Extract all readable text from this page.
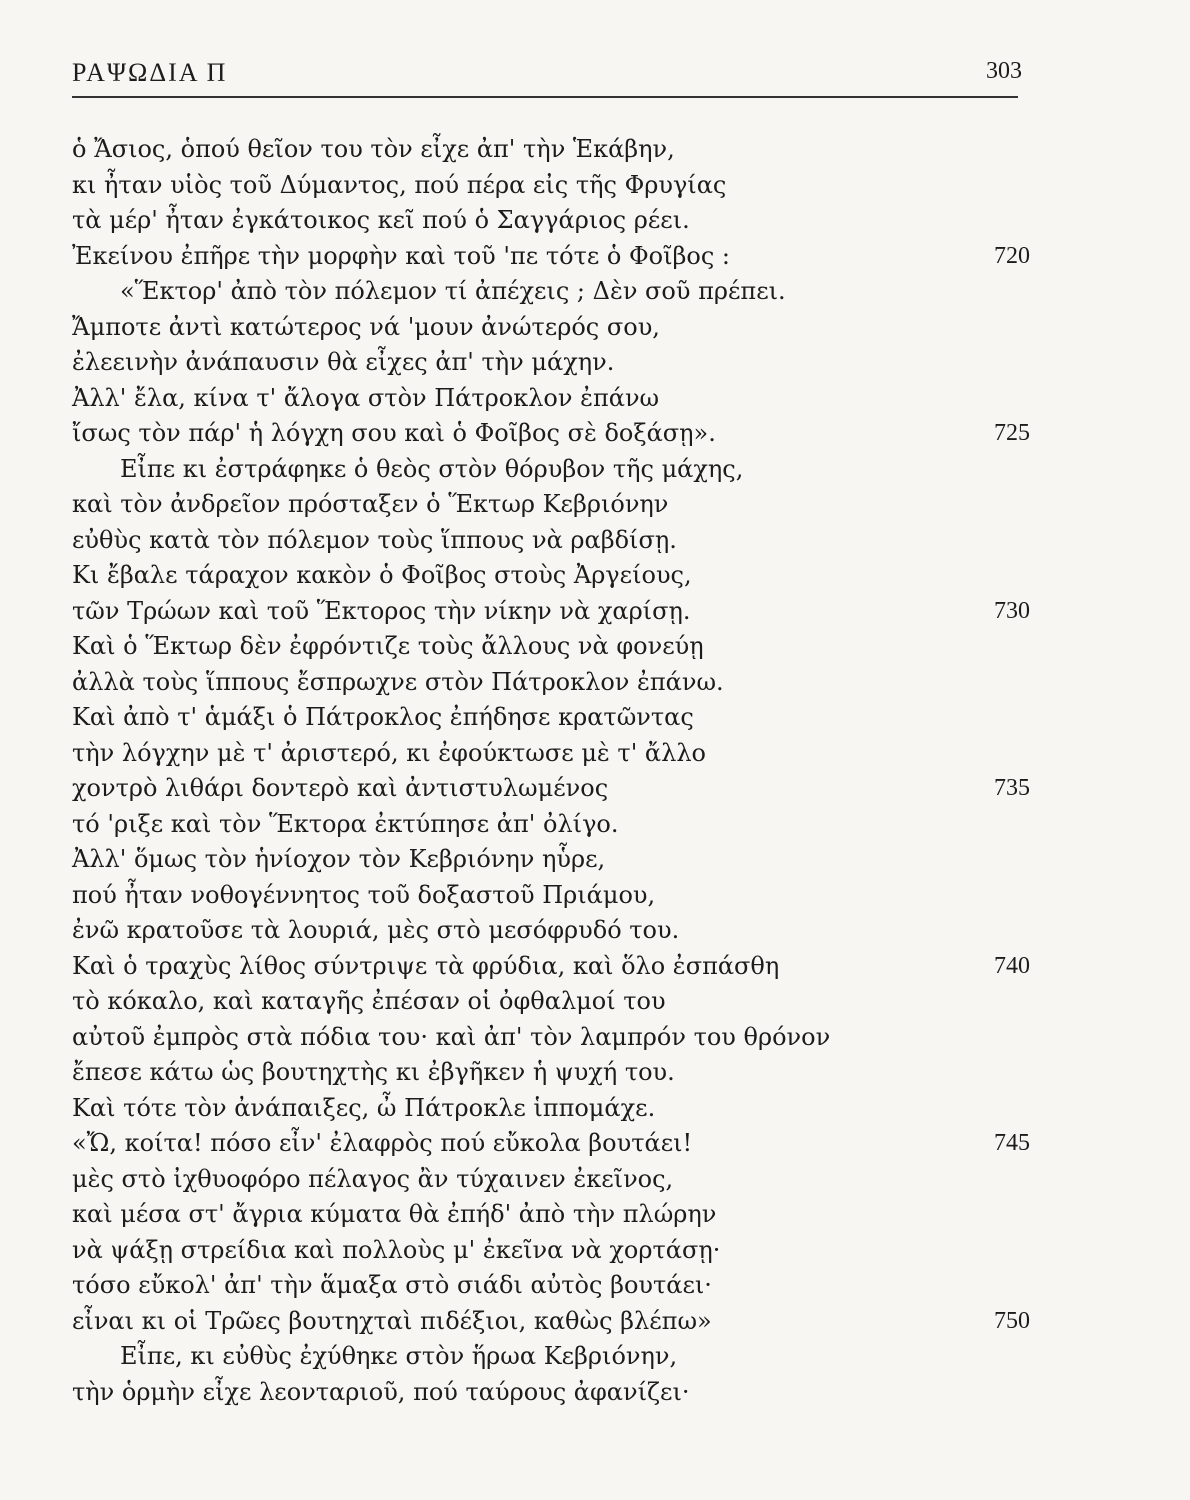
ΡΑΨΩΔΙΑ Π	303
ὁ Ἄσιος, ὁπού θεῖον του τὸν εἶχε ἀπ' τὴν Ἑκάβην,
κι ἦταν υἱὸς τοῦ Δύμαντος, πού πέρα εἰς τῆς Φρυγίας
τὰ μέρ' ἦταν ἐγκάτοικος κεῖ πού ὁ Σαγγάριος ρέει.
Ἐκείνου ἐπῆρε τὴν μορφὴν καὶ τοῦ 'πε τότε ὁ Φοῖβος :	720
«Ἕκτορ' ἀπὸ τὸν πόλεμον τί ἀπέχεις ; Δὲν σοῦ πρέπει.
Ἄμποτε ἀντὶ κατώτερος νά 'μουν ἀνώτερός σου,
ἐλεεινὴν ἀνάπαυσιν θὰ εἶχες ἀπ' τὴν μάχην.
Ἀλλ' ἔλα, κίνα τ' ἄλογα στὸν Πάτροκλον ἐπάνω
ἴσως τὸν πάρ' ἡ λόγχη σου καὶ ὁ Φοῖβος σὲ δοξάσῃ».	725
Εἶπε κι ἐστράφηκε ὁ θεὸς στὸν θόρυβον τῆς μάχης,
καὶ τὸν ἀνδρεῖον πρόσταξεν ὁ Ἕκτωρ Κεβριόνην
εὐθὺς κατὰ τὸν πόλεμον τοὺς ἵππους νὰ ραβδίσῃ.
Κι ἔβαλε τάραχον κακὸν ὁ Φοῖβος στοὺς Ἀργείους,
τῶν Τρώων καὶ τοῦ Ἕκτορος τὴν νίκην νὰ χαρίσῃ.	730
Καὶ ὁ Ἕκτωρ δὲν ἐφρόντιζε τοὺς ἄλλους νὰ φονεύῃ
ἀλλὰ τοὺς ἵππους ἔσπρωχνε στὸν Πάτροκλον ἐπάνω.
Καὶ ἀπὸ τ' ἁμάξι ὁ Πάτροκλος ἐπήδησε κρατῶντας
τὴν λόγχην μὲ τ' ἀριστερό, κι ἐφούκτωσε μὲ τ' ἄλλο
χοντρὸ λιθάρι δοντερὸ καὶ ἀντιστυλωμένος	735
τό 'ριξε καὶ τὸν Ἕκτορα ἐκτύπησε ἀπ' ὀλίγο.
Ἀλλ' ὅμως τὸν ἡνίοχον τὸν Κεβριόνην ηὗρε,
πού ἦταν νοθογέννητος τοῦ δοξαστοῦ Πριάμου,
ἐνῶ κρατοῦσε τὰ λουριά, μὲς στὸ μεσόφρυδό του.
Καὶ ὁ τραχὺς λίθος σύντριψε τὰ φρύδια, καὶ ὅλο ἐσπάσθη	740
τὸ κόκαλο, καὶ καταγῆς ἐπέσαν οἱ ὀφθαλμοί του
αὐτοῦ ἐμπρὸς στὰ πόδια του· καὶ ἀπ' τὸν λαμπρόν του θρόνον
ἔπεσε κάτω ὡς βουτηχτὴς κι ἐβγῆκεν ἡ ψυχή του.
Καὶ τότε τὸν ἀνάπαιξες, ὦ Πάτροκλε ἱππομάχε.
«Ὤ, κοίτα! πόσο εἶν' ἐλαφρὸς πού εὔκολα βουτάει!	745
μὲς στὸ ἰχθυοφόρο πέλαγος ἂν τύχαινεν ἐκεῖνος,
καὶ μέσα στ' ἄγρια κύματα θὰ ἐπήδ' ἀπὸ τὴν πλώρην
νὰ ψάξῃ στρείδια καὶ πολλοὺς μ' ἐκεῖνα νὰ χορτάσῃ·
τόσο εὔκολ' ἀπ' τὴν ἅμαξα στὸ σιάδι αὐτὸς βουτάει·
εἶναι κι οἱ Τρῶες βουτηχταὶ πιδέξιοι, καθὼς βλέπω»	750
Εἶπε, κι εὐθὺς ἐχύθηκε στὸν ἥρωα Κεβριόνην,
τὴν ὁρμὴν εἶχε λεονταριοῦ, πού ταύρους ἀφανίζει·
